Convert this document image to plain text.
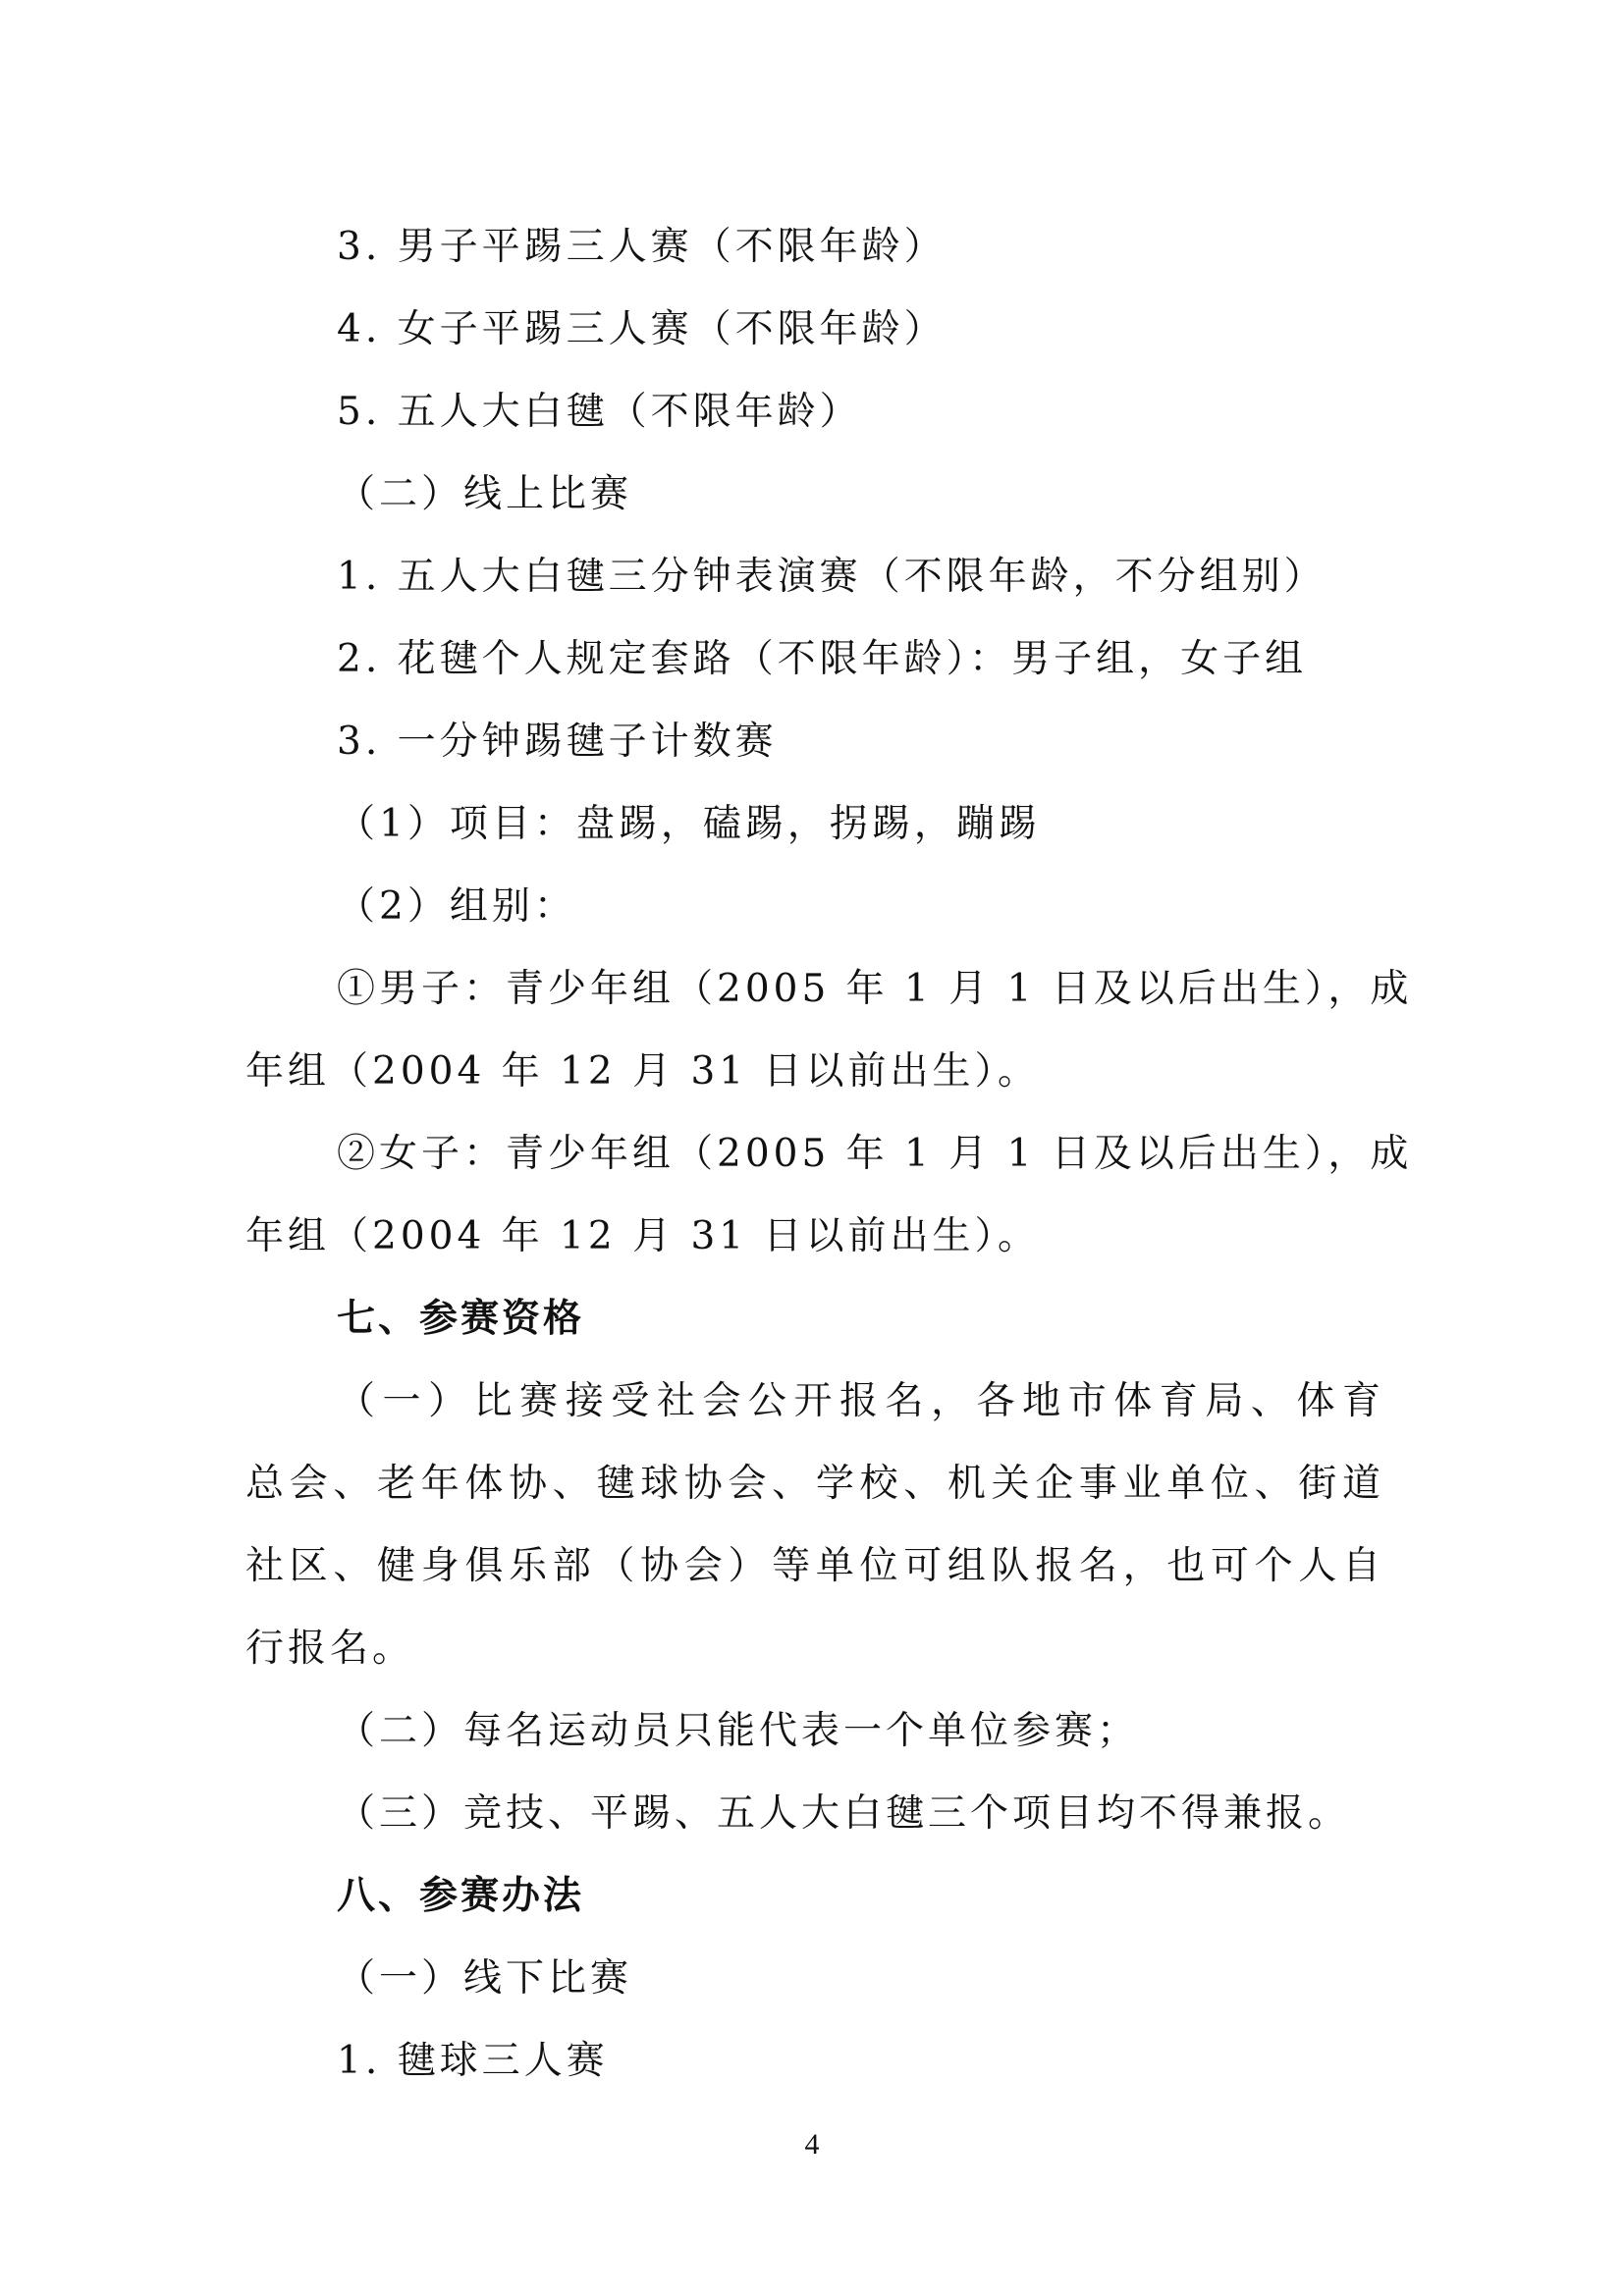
3. 男子平踢三人赛（不限年龄）
4. 女子平踢三人赛（不限年龄）
5. 五人大白毽（不限年龄）
（二）线上比赛
1. 五人大白毽三分钟表演赛（不限年龄，不分组别）
2. 花毽个人规定套路（不限年龄）：男子组，女子组
3. 一分钟踢毽子计数赛
（1）项目：盘踢，磕踢，拐踢，蹦踢
（2）组别：
①男子：青少年组（2005 年 1 月 1 日及以后出生），成
年组（2004 年 12 月 31 日以前出生）。
②女子：青少年组（2005 年 1 月 1 日及以后出生），成
年组（2004 年 12 月 31 日以前出生）。
七、参赛资格
（一）比赛接受社会公开报名，各地市体育局、体育
总会、老年体协、毽球协会、学校、机关企事业单位、街道
社区、健身俱乐部（协会）等单位可组队报名，也可个人自
行报名。
（二）每名运动员只能代表一个单位参赛；
（三）竞技、平踢、五人大白毽三个项目均不得兼报。
八、参赛办法
（一）线下比赛
1. 毽球三人赛
4
